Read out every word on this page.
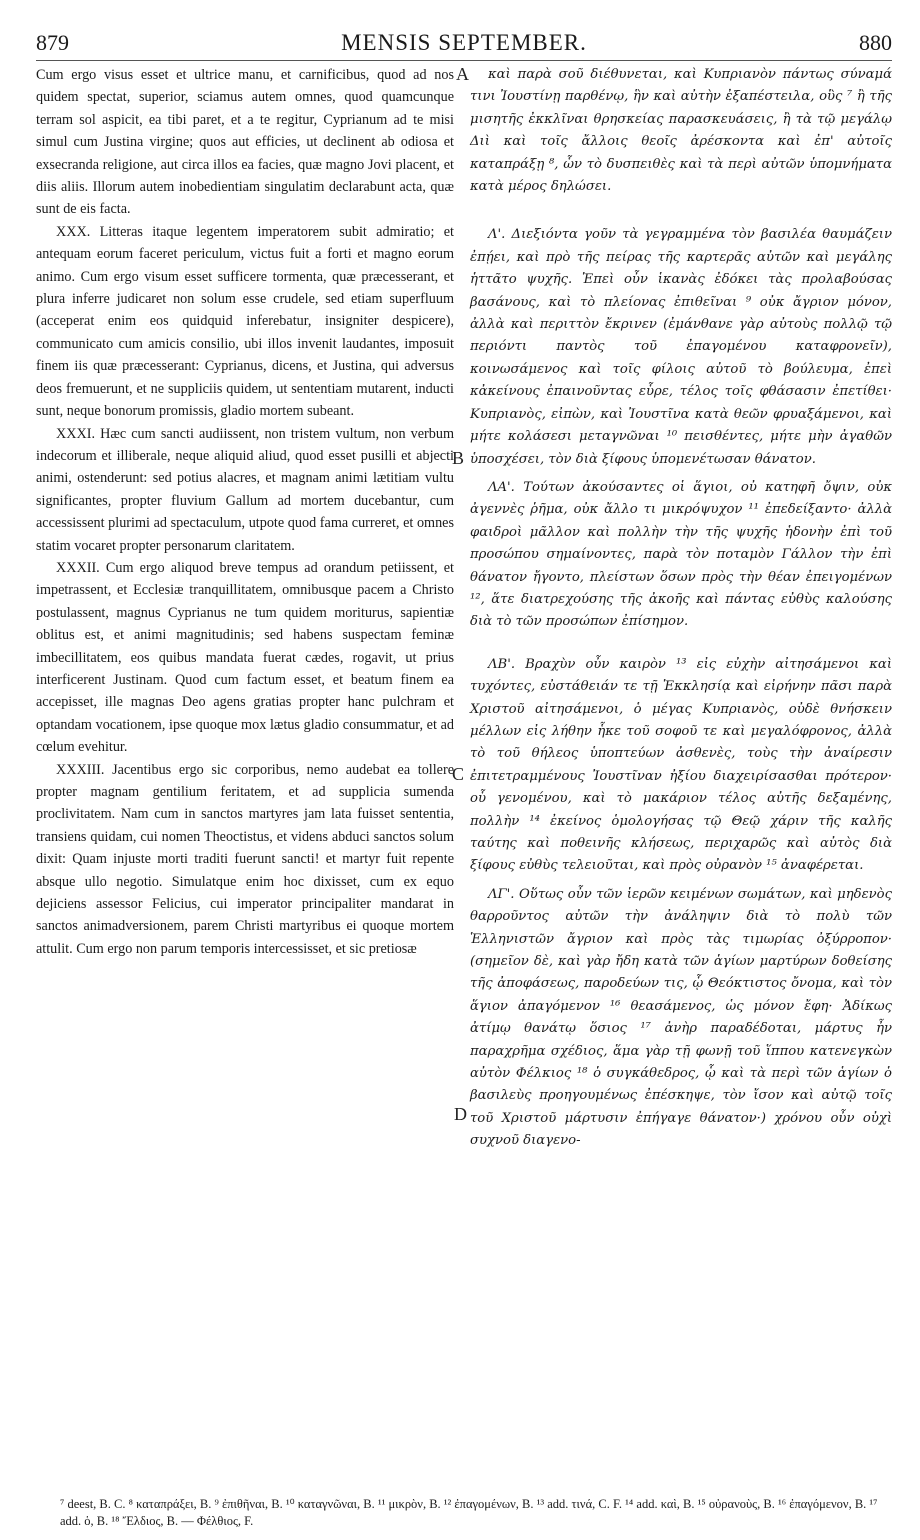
879	MENSIS SEPTEMBER.	880

Cum ergo visus esset et ultrice manu, et carnificibus, quod ad nos quidem spectat, superior, sciamus autem omnes, quod quamcunque terram sol aspicit, ea tibi paret, et a te regitur, Cyprianum ad te misi simul cum Justina virgine; quos aut efficies, ut declinent ab odiosa et exsecranda religione, aut circa illos ea facies, quæ magno Jovi placent, et diis aliis. Illorum autem inobedientiam singulatim declarabunt acta, quæ sunt de eis facta.

XXX. Litteras itaque legentem imperatorem subit admiratio; et antequam eorum faceret periculum, victus fuit a forti et magno eorum animo. Cum ergo visum esset sufficere tormenta, quæ præcesserant, et plura inferre judicaret non solum esse crudele, sed etiam superfluum (acceperat enim eos quidquid inferebatur, insigniter despicere), communicato cum amicis consilio, ubi illos invenit laudantes, imposuit finem iis quæ præcesserant: Cyprianus, dicens, et Justina, qui adversus deos fremuerunt, et ne suppliciis quidem, ut sententiam mutarent, inducti sunt, neque bonorum promissis, gladio mortem subeant.

XXXI. Hæc cum sancti audiissent, non tristem vultum, non verbum indecorum et illiberale, neque aliquid aliud, quod esset pusilli et abjecti animi, ostenderunt: sed potius alacres, et magnam animi lætitiam vultu significantes, propter fluvium Gallum ad mortem ducebantur, cum accessissent plurimi ad spectaculum, utpote quod fama curreret, et omnes statim vocaret propter personarum claritatem.

XXXII. Cum ergo aliquod breve tempus ad orandum petiissent, et impetrassent, et Ecclesiæ tranquillitatem, omnibusque pacem a Christo postulassent, magnus Cyprianus ne tum quidem moriturus, sapientiæ oblitus est, et animi magnitudinis; sed habens suspectam feminæ imbecillitatem, eos quibus mandata fuerat cædes, rogavit, ut prius interficerent Justinam. Quod cum factum esset, et beatum finem ea accepisset, ille magnas Deo agens gratias propter hanc pulchram et optandam vocationem, ipse quoque mox lætus gladio consummatur, et ad cœlum evehitur.

XXXIII. Jacentibus ergo sic corporibus, nemo audebat ea tollere propter magnam gentilium feritatem, et ad supplicia sumenda proclivitatem. Nam cum in sanctos martyres jam lata fuisset sententia, transiens quidam, cui nomen Theoctistus, et videns abduci sanctos solum dixit: Quam injuste morti traditi fuerunt sancti! et martyr fuit repente absque ullo negotio. Simulatque enim hoc dixisset, cum ex equo dejiciens assessor Felicius, cui imperator principaliter mandarat in sanctos animadversionem, parem Christi martyribus ei quoque mortem attulit. Cum ergo non parum temporis intercessisset, et sic pretiosæ

A
B
C
D

καὶ παρὰ σοῦ διέθυνεται, καὶ Κυπριανὸν πάντως σύναμά τινι Ἰουστίνῃ παρθένῳ, ἣν καὶ αὐτὴν ἐξαπέστειλα, οὓς ⁷ ἢ τῆς μισητῆς ἐκκλῖναι θρησκείας παρασκευάσεις, ἢ τὰ τῷ μεγάλῳ Διὶ καὶ τοῖς ἄλλοις θεοῖς ἀρέσκοντα καὶ ἐπ' αὐτοῖς καταπράξῃ ⁸, ὧν τὸ δυσπειθὲς καὶ τὰ περὶ αὐτῶν ὑπομνήματα κατὰ μέρος δηλώσει.

Λ'. Διεξιόντα γοῦν τὰ γεγραμμένα τὸν βασιλέα θαυμάζειν ἐπῄει, καὶ πρὸ τῆς πείρας τῆς καρτερᾶς αὐτῶν καὶ μεγάλης ἡττᾶτο ψυχῆς. Ἐπεὶ οὖν ἱκανὰς ἐδόκει τὰς προλαβούσας βασάνους, καὶ τὸ πλείονας ἐπιθεῖναι ⁹ οὐκ ἄγριον μόνον, ἀλλὰ καὶ περιττὸν ἔκρινεν (ἐμάνθανε γὰρ αὐτοὺς πολλῷ τῷ περιόντι παντὸς τοῦ ἐπαγομένου καταφρονεῖν), κοινωσάμενος καὶ τοῖς φίλοις αὐτοῦ τὸ βούλευμα, ἐπεὶ κἀκείνους ἐπαινοῦντας εὗρε, τέλος τοῖς φθάσασιν ἐπετίθει· Κυπριανὸς, εἰπὼν, καὶ Ἰουστῖνα κατὰ θεῶν φρυαξάμενοι, καὶ μήτε κολάσεσι μεταγνῶναι ¹⁰ πεισθέντες, μήτε μὴν ἀγαθῶν ὑποσχέσει, τὸν διὰ ξίφους ὑπομενέτωσαν θάνατον.

ΛΑ'. Τούτων ἀκούσαντες οἱ ἅγιοι, οὐ κατηφῆ ὄψιν, οὐκ ἀγεννὲς ῥῆμα, οὐκ ἄλλο τι μικρόψυχον ¹¹ ἐπεδείξαντο· ἀλλὰ φαιδροὶ μᾶλλον καὶ πολλὴν τὴν τῆς ψυχῆς ἡδονὴν ἐπὶ τοῦ προσώπου σημαίνοντες, παρὰ τὸν ποταμὸν Γάλλον τὴν ἐπὶ θάνατον ἤγοντο, πλείστων ὅσων πρὸς τὴν θέαν ἐπειγομένων ¹², ἅτε διατρεχούσης τῆς ἀκοῆς καὶ πάντας εὐθὺς καλούσης διὰ τὸ τῶν προσώπων ἐπίσημον.

ΛΒ'. Βραχὺν οὖν καιρὸν ¹³ εἰς εὐχὴν αἰτησάμενοι καὶ τυχόντες, εὐστάθειάν τε τῇ Ἐκκλησίᾳ καὶ εἰρήνην πᾶσι παρὰ Χριστοῦ αἰτησάμενοι, ὁ μέγας Κυπριανὸς, οὐδὲ θνήσκειν μέλλων εἰς λήθην ἧκε τοῦ σοφοῦ τε καὶ μεγαλόφρονος, ἀλλὰ τὸ τοῦ θήλεος ὑποπτεύων ἀσθενὲς, τοὺς τὴν ἀναίρεσιν ἐπιτετραμμένους Ἰουστῖναν ἠξίου διαχειρίσασθαι πρότερον· οὗ γενομένου, καὶ τὸ μακάριον τέλος αὐτῆς δεξαμένης, πολλὴν ¹⁴ ἐκείνος ὁμολογήσας τῷ Θεῷ χάριν τῆς καλῆς ταύτης καὶ ποθεινῆς κλήσεως, περιχαρῶς καὶ αὐτὸς διὰ ξίφους εὐθὺς τελειοῦται, καὶ πρὸς οὐρανὸν ¹⁵ ἀναφέρεται.

ΛΓ'. Οὕτως οὖν τῶν ἱερῶν κειμένων σωμάτων, καὶ μηδενὸς θαρροῦντος αὐτῶν τὴν ἀνάληψιν διὰ τὸ πολὺ τῶν Ἑλληνιστῶν ἄγριον καὶ πρὸς τὰς τιμωρίας ὀξύρροπον· (σημεῖον δὲ, καὶ γὰρ ἤδη κατὰ τῶν ἁγίων μαρτύρων δοθείσης τῆς ἀποφάσεως, παροδεύων τις, ᾧ Θεόκτιστος ὄνομα, καὶ τὸν ἅγιον ἀπαγόμενον ¹⁶ θεασάμενος, ὡς μόνον ἔφη· Ἀδίκως ἀτίμῳ θανάτῳ ὅσιος ¹⁷ ἀνὴρ παραδέδοται, μάρτυς ἦν παραχρῆμα σχέδιος, ἅμα γὰρ τῇ φωνῇ τοῦ ἵππου κατενεγκὼν αὐτὸν Φέλκιος ¹⁸ ὁ συγκάθεδρος, ᾧ καὶ τὰ περὶ τῶν ἁγίων ὁ βασιλεὺς προηγουμένως ἐπέσκηψε, τὸν ἴσον καὶ αὐτῷ τοῖς τοῦ Χριστοῦ μάρτυσιν ἐπήγαγε θάνατον·) χρόνου οὖν οὐχὶ συχνοῦ διαγενο-

⁷ deest, B. C. ⁸ καταπράξει, B. ⁹ ἐπιθῆναι, B. ¹⁰ καταγνῶναι, B. ¹¹ μικρὸν, B. ¹² ἐπαγομένων, B. ¹³ add. τινά, C. F. ¹⁴ add. καὶ, B. ¹⁵ οὐρανοὺς, B. ¹⁶ ἐπαγόμενον, B. ¹⁷ add. ὁ, B. ¹⁸ Ἔλδιος, B. — Φέλθιος, F.
